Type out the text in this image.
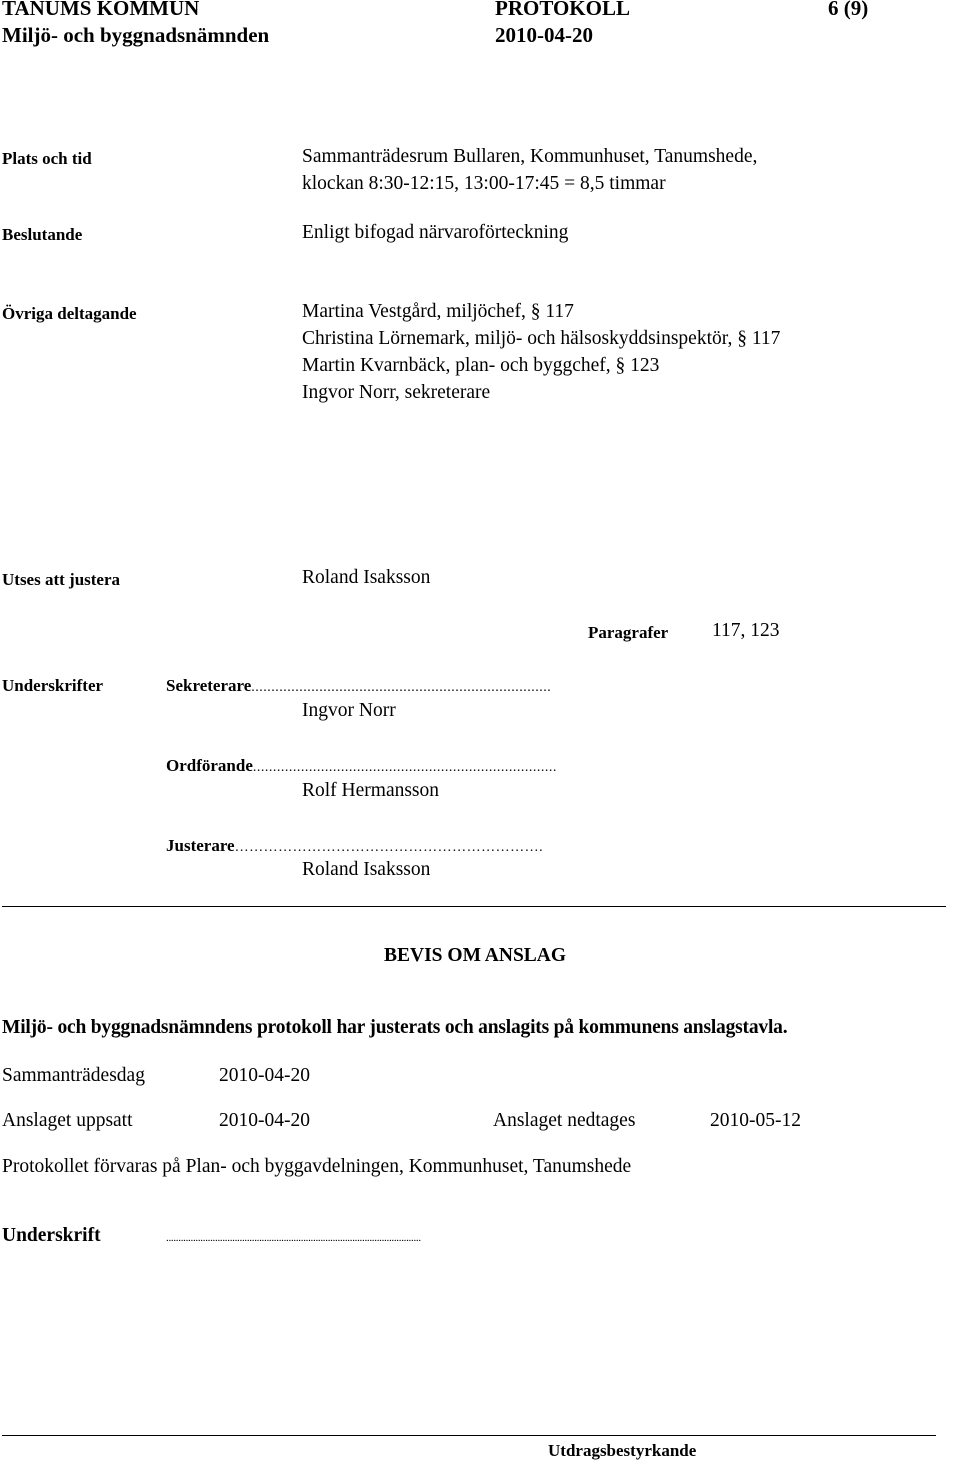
TANUMS KOMMUN
Miljö- och byggnadsnämnden
PROTOKOLL
2010-04-20
6 (9)
Plats och tid	Sammanträdesrum Bullaren, Kommunhuset, Tanumshede,
klockan 8:30-12:15, 13:00-17:45 = 8,5 timmar
Beslutande	Enligt bifogad närvaroförteckning
Övriga deltagande	Martina Vestgård, miljöchef, § 117
Christina Lörnemark, miljö- och hälsoskyddsinspektör, § 117
Martin Kvarnbäck, plan- och byggchef, § 123
Ingvor Norr, sekreterare
Utses att justera	Roland Isaksson
Paragrafer 117, 123
Underskrifter	Sekreterare...........................................................................
Ingvor Norr
Ordförande............................................................................
Rolf Hermansson
Justerare……………………………………………………….
Roland Isaksson
BEVIS OM ANSLAG
Miljö- och byggnadsnämndens protokoll har justerats och anslagits på kommunens anslagstavla.
Sammanträdesdag	2010-04-20
Anslaget uppsatt	2010-04-20	Anslaget nedtages	2010-05-12
Protokollet förvaras på Plan- och byggavdelningen, Kommunhuset, Tanumshede
Underskrift	........................................................................................................
Utdragsbestyrkande
